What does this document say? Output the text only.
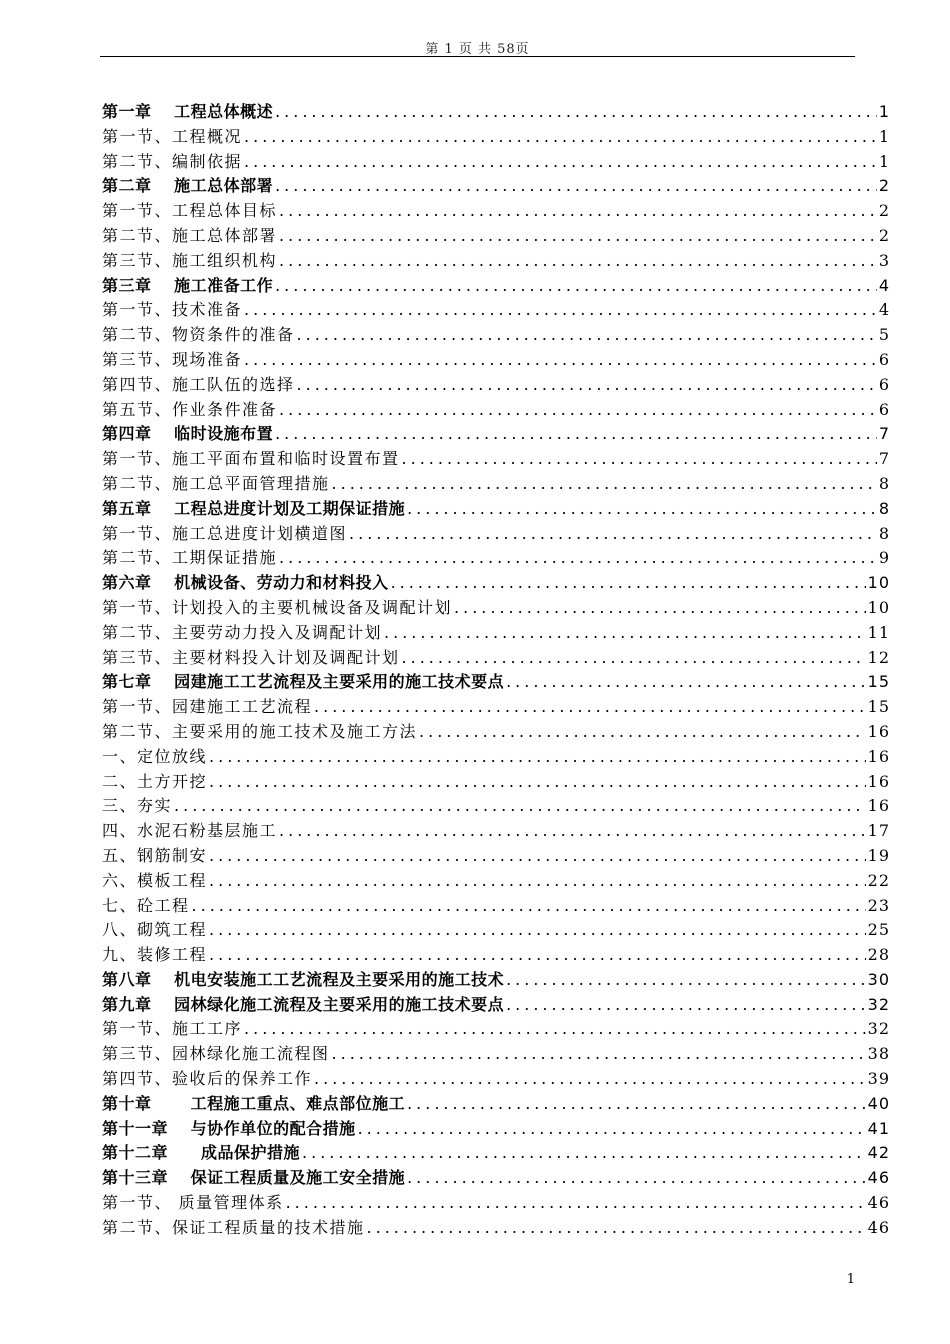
第 1 页 共 58页
第一章　 工程总体概述 .....	1
第一节、工程概况 .....	1
第二节、编制依据 .....	1
第二章　 施工总体部署 .....	2
第一节、工程总体目标 .....	2
第二节、施工总体部署 .....	2
第三节、施工组织机构 .....	3
第三章　 施工准备工作 .....	4
第一节、技术准备 .....	4
第二节、物资条件的准备 .....	5
第三节、现场准备 .....	6
第四节、施工队伍的选择 .....	6
第五节、作业条件准备 .....	6
第四章　 临时设施布置 .....	7
第一节、施工平面布置和临时设置布置 .....	7
第二节、施工总平面管理措施 .....	8
第五章　 工程总进度计划及工期保证措施 .....	8
第一节、施工总进度计划横道图 .....	8
第二节、工期保证措施 .....	9
第六章　 机械设备、劳动力和材料投入 .....	10
第一节、计划投入的主要机械设备及调配计划 .....	10
第二节、主要劳动力投入及调配计划 .....	11
第三节、主要材料投入计划及调配计划 .....	12
第七章　 园建施工工艺流程及主要采用的施工技术要点 .....	15
第一节、园建施工工艺流程 .....	15
第二节、主要采用的施工技术及施工方法 .....	16
一、定位放线 .....	16
二、土方开挖 .....	16
三、夯实 .....	16
四、水泥石粉基层施工 .....	17
五、钢筋制安 .....	19
六、模板工程 .....	22
七、砼工程 .....	23
八、砌筑工程 .....	25
九、装修工程 .....	28
第八章　 机电安装施工工艺流程及主要采用的施工技术 .....	30
第九章　 园林绿化施工流程及主要采用的施工技术要点 .....	32
第一节、施工工序 .....	32
第三节、园林绿化施工流程图 .....	38
第四节、验收后的保养工作 .....	39
第十章　　 工程施工重点、难点部位施工 .....	40
第十一章　 与协作单位的配合措施 .....	41
第十二章　　成品保护措施 .....	42
第十三章　 保证工程质量及施工安全措施 .....	46
第一节、 质量管理体系 .....	46
第二节、保证工程质量的技术措施 .....	46
1
